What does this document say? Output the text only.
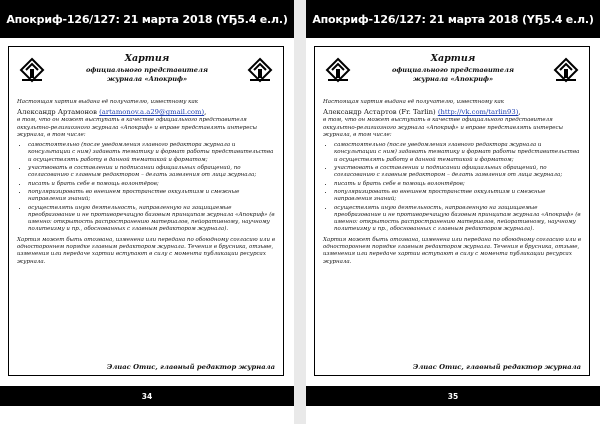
Апокриф-126/127: 21 марта 2018 (ҮҔ5.4 е.л.)
Хартия
официального представителя
журнала «Апокриф»

Настоящая хартия выдана её получателю, известному как

Александр Артамонов (artamonov.a.a29@gmail.com),

в том, что он может выступать в качестве официального представителя оккультно-религиозного журнала «Апокриф» и вправе представлять интересы журнала, в том числе:

• самостоятельно (после уведомления главного редактора журнала и консультации с ним) задавать тематику и формат работы представительства и осуществлять работу в данной тематикой и форматом;
• участвовать в составлении и подписании официальных обращений, по согласованию с главным редактором – делать заявления от лица журнала;
• писать и брать себе в помощь волонтёров;
• популяризировать во внешнем пространстве оккультизм и смежные направления знаний;
• осуществлять иную деятельность, направленную на защищаемые преобразование и не противоречащую базовым принципам журнала «Апокриф» (в именно: открытость распространению материалов, пейоративному, научному политеизму и пр., обоснованных с главным редактором журнала).

Хартия может быть отозвана, изменена или передана по обоюдному согласию или в одностороннем порядке главным редактором журнала. Течения в брусника, отзыве, изменения или передаче хартии вступают в силу с момента публикации ресурсах журнала.

Элиас Отис, главный редактор журнала
34
Апокриф-126/127: 21 марта 2018 (ҮҔ5.4 е.л.)
Хартия
официального представителя
журнала «Апокриф»

Настоящая хартия выдана её получателю, известному как

Александр Астартов (Fr. Tarlin) (http://vk.com/tarlin93),

в том, что он может выступать в качестве официального представителя оккультно-религиозного журнала «Апокриф» и вправе представлять интересы журнала, в том числе:

• самостоятельно (после уведомления главного редактора журнала и консультации с ним) задавать тематику и формат работы представительства и осуществлять работу в данной тематикой и форматом;
• участвовать в составлении и подписании официальных обращений, по согласованию с главным редактором – делать заявления от лица журнала;
• писать и брать себе в помощь волонтёров;
• популяризировать во внешнем пространстве оккультизм и смежные направления знаний;
• осуществлять иную деятельность, направленную на защищаемые преобразование и не противоречащую базовым принципам журнала «Апокриф» (в именно: открытость распространению материалов, пейоративному, научному политеизму и пр., обоснованных с главным редактором журнала).

Хартия может быть отозвана, изменена или передана по обоюдному согласию или в одностороннем порядке главным редактором журнала. Течения в брусника, отзыве, изменения или передаче хартии вступают в силу с момента публикации ресурсах журнала.

Элиас Отис, главный редактор журнала
35
